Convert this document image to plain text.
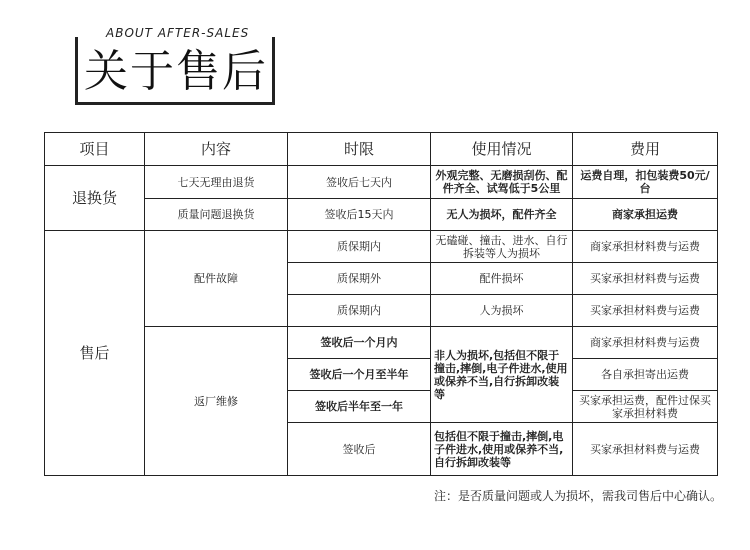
ABOUT AFTER-SALES
关于售后
项目	内容	时限	使用情况	费用
退换货	七天无理由退货	签收后七天内	外观完整、无磨损刮伤、配件齐全、试驾低于5公里	运费自理，扣包装费50元/台
	质量问题退换货	签收后15天内	无人为损坏，配件齐全	商家承担运费
售后	配件故障	质保期内	无磕碰、撞击、进水、自行拆装等人为损坏	商家承担材料费与运费
		质保期外	配件损坏	买家承担材料费与运费
		质保期内	人为损坏	买家承担材料费与运费
	返厂维修	签收后一个月内	非人为损坏,包括但不限于撞击,摔倒,电子件进水,使用或保养不当,自行拆卸改装等	商家承担材料费与运费
		签收后一个月至半年		各自承担寄出运费
		签收后半年至一年		买家承担运费，配件过保买家承担材料费
		签收后	包括但不限于撞击,摔倒,电子件进水,使用或保养不当,自行拆卸改装等	买家承担材料费与运费
注：是否质量问题或人为损坏，需我司售后中心确认。
